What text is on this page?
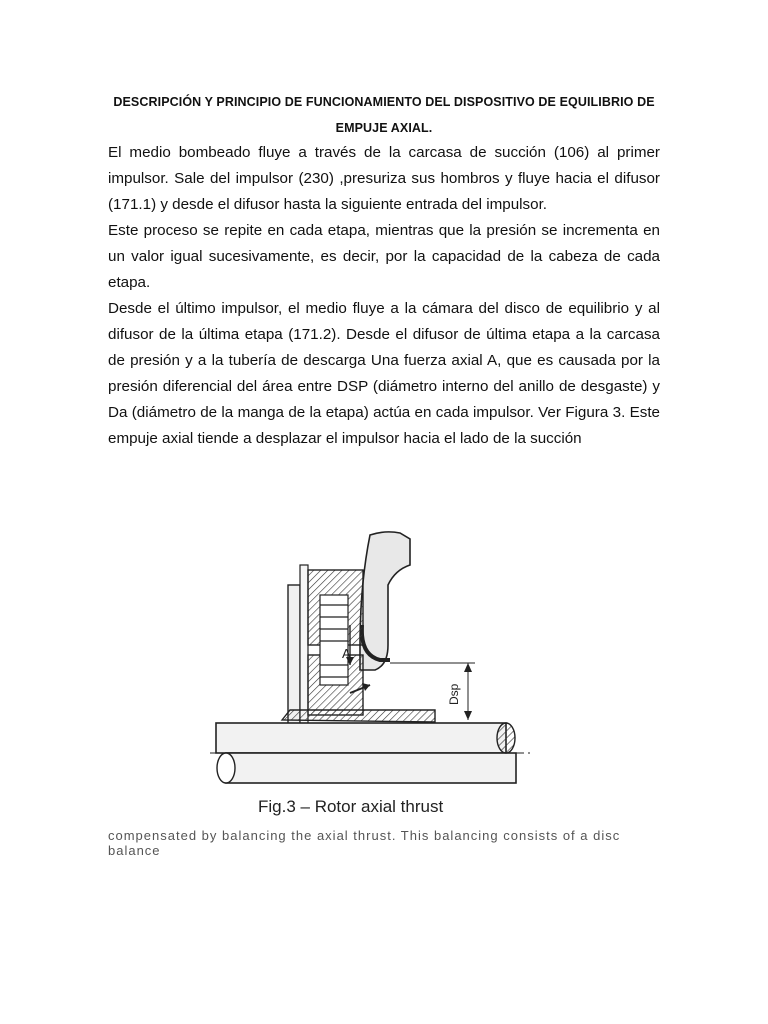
DESCRIPCIÓN Y PRINCIPIO DE FUNCIONAMIENTO DEL DISPOSITIVO DE EQUILIBRIO DE
EMPUJE AXIAL.

El medio bombeado fluye a través de la carcasa de succión (106) al primer impulsor. Sale del impulsor (230) ,presuriza sus hombros y fluye hacia el difusor (171.1) y desde el difusor hasta la siguiente entrada del impulsor.

Este proceso se repite en cada etapa, mientras que la presión se incrementa en un valor igual sucesivamente, es decir, por la capacidad de la cabeza de cada etapa.

Desde el último impulsor, el medio fluye a la cámara del disco de equilibrio y al difusor de la última etapa (171.2). Desde el difusor de última etapa a la carcasa de presión y a la tubería de descarga Una fuerza axial A, que es causada por la presión diferencial del área entre DSP (diámetro interno del anillo de desgaste) y Da (diámetro de la manga de la etapa) actúa en cada impulsor. Ver Figura 3. Este empuje axial tiende a desplazar el impulsor hacia el lado de la succión

A
Dsp
Fig.3 – Rotor axial thrust
compensated by balancing the axial thrust. This balancing consists of a disc balance
